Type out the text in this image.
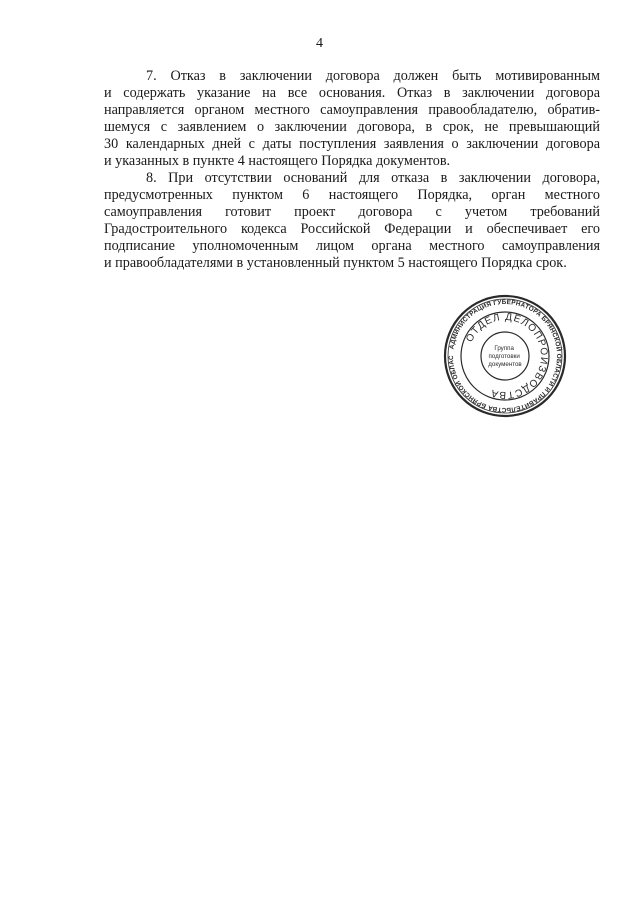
4

7. Отказ в заключении договора должен быть мотивированным
и содержать указание на все основания. Отказ в заключении договора
направляется органом местного самоуправления правообладателю, обратив-
шемуся с заявлением о заключении договора, в срок, не превышающий
30 календарных дней с даты поступления заявления о заключении договора
и указанных в пункте 4 настоящего Порядка документов.

8. При отсутствии оснований для отказа в заключении договора,
предусмотренных пунктом 6 настоящего Порядка, орган местного
самоуправления готовит проект договора с учетом требований
Градостроительного кодекса Российской Федерации и обеспечивает его
подписание уполномоченным лицом органа местного самоуправления
и правообладателями в установленный пунктом 5 настоящего Порядка срок.

АДМИНИСТРАЦИЯ ГУБЕРНАТОРА БРЯНСКОЙ ОБЛАСТИ И ПРАВИТЕЛЬСТВА БРЯНСКОЙ ОБЛАС
ОТДЕЛ ДЕЛОПРОИЗВОДСТВА
Группа подготовки документов
